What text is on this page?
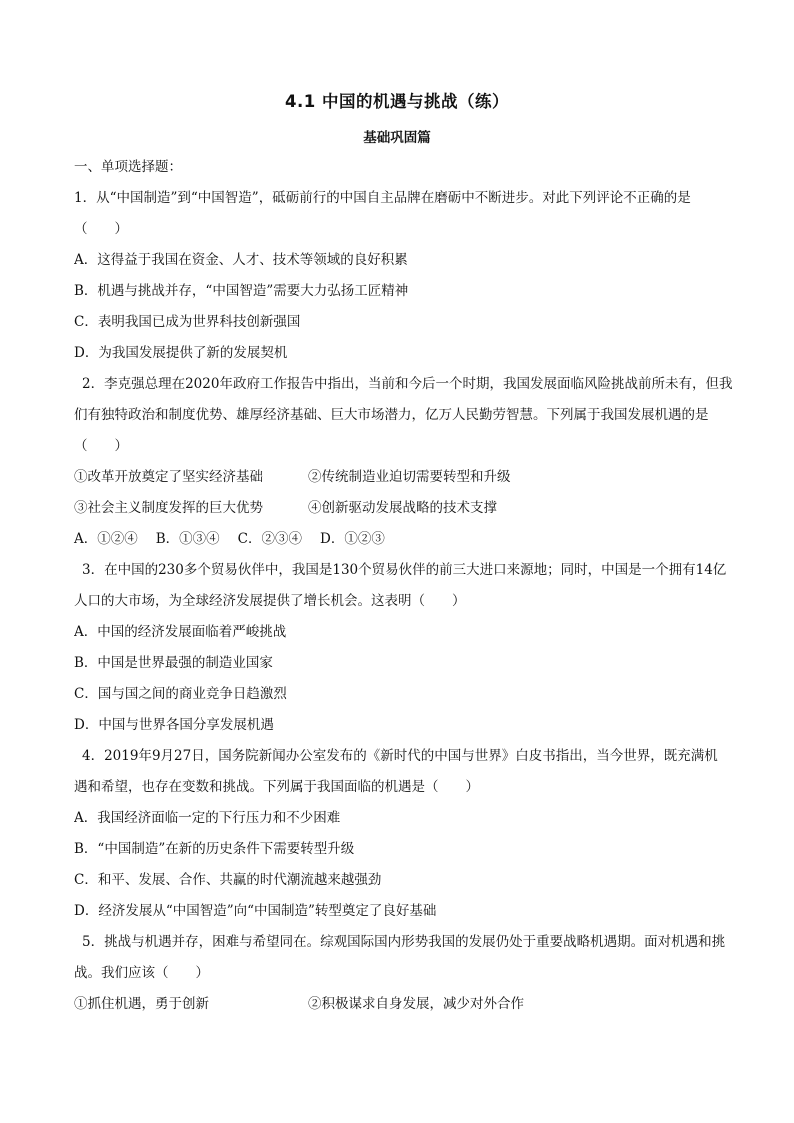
4.1 中国的机遇与挑战（练）
基础巩固篇
一、单项选择题：
1．从“中国制造”到“中国智造”，砥砺前行的中国自主品牌在磨砺中不断进步。对此下列评论不正确的是
（　　）
A．这得益于我国在资金、人才、技术等领域的良好积累
B．机遇与挑战并存，“中国智造”需要大力弘扬工匠精神
C．表明我国已成为世界科技创新强国
D．为我国发展提供了新的发展契机
2．李克强总理在2020年政府工作报告中指出，当前和今后一个时期，我国发展面临风险挑战前所未有，但我
们有独特政治和制度优势、雄厚经济基础、巨大市场潜力，亿万人民勤劳智慧。下列属于我国发展机遇的是
（　　）
①改革开放奠定了坚实经济基础	②传统制造业迫切需要转型和升级
③社会主义制度发挥的巨大优势	④创新驱动发展战略的技术支撑
A．①②④ B．①③④ C．②③④ D．①②③
3．在中国的230多个贸易伙伴中，我国是130个贸易伙伴的前三大进口来源地；同时，中国是一个拥有14亿
人口的大市场，为全球经济发展提供了增长机会。这表明（　　）
A．中国的经济发展面临着严峻挑战
B．中国是世界最强的制造业国家
C．国与国之间的商业竞争日趋激烈
D．中国与世界各国分享发展机遇
4．2019年9月27日，国务院新闻办公室发布的《新时代的中国与世界》白皮书指出，当今世界，既充满机
遇和希望，也存在变数和挑战。下列属于我国面临的机遇是（　　）
A．我国经济面临一定的下行压力和不少困难
B．“中国制造”在新的历史条件下需要转型升级
C．和平、发展、合作、共赢的时代潮流越来越强劲
D．经济发展从“中国智造”向“中国制造”转型奠定了良好基础
5．挑战与机遇并存，困难与希望同在。综观国际国内形势我国的发展仍处于重要战略机遇期。面对机遇和挑
战。我们应该（　　）
①抓住机遇，勇于创新	②积极谋求自身发展，减少对外合作
